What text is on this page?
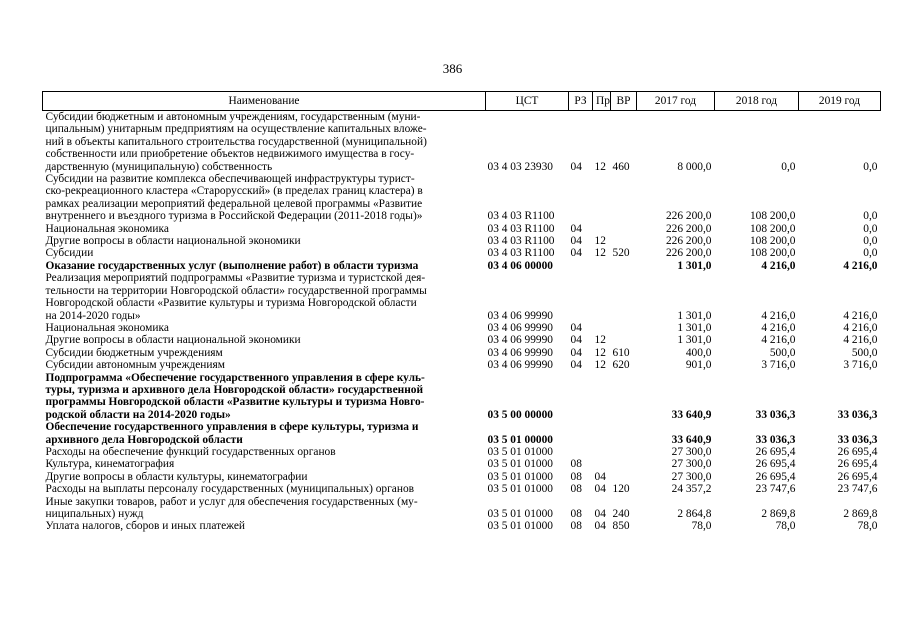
386
Наименование	ЦСТ	РЗ	Пр	ВР	2017 год	2018 год	2019 год
Субсидии бюджетным и автономным учреждениям, государственным (муни-
ципальным) унитарным предприятиям на осуществление капитальных вложе-
ний в объекты капитального строительства государственной (муниципальной)
собственности или приобретение объектов недвижимого имущества в госу-
дарственную (муниципальную) собственность	03 4 03 23930	04	12	460	8 000,0	0,0	0,0
Субсидии на развитие комплекса обеспечивающей инфраструктуры турист-
ско-рекреационного кластера «Старорусский» (в пределах границ кластера) в
рамках реализации мероприятий федеральной целевой программы «Развитие
внутреннего и въездного туризма в Российской Федерации (2011-2018 годы)»	03 4 03 R1100				226 200,0	108 200,0	0,0
Национальная экономика	03 4 03 R1100	04			226 200,0	108 200,0	0,0
Другие вопросы в области национальной экономики	03 4 03 R1100	04	12		226 200,0	108 200,0	0,0
Субсидии	03 4 03 R1100	04	12	520	226 200,0	108 200,0	0,0
Оказание государственных услуг (выполнение работ) в области туризма	03 4 06 00000				1 301,0	4 216,0	4 216,0
Реализация мероприятий подпрограммы «Развитие туризма и туристской дея-
тельности на территории Новгородской области» государственной программы
Новгородской области «Развитие культуры и туризма Новгородской области
на 2014-2020 годы»	03 4 06 99990				1 301,0	4 216,0	4 216,0
Национальная экономика	03 4 06 99990	04			1 301,0	4 216,0	4 216,0
Другие вопросы в области национальной экономики	03 4 06 99990	04	12		1 301,0	4 216,0	4 216,0
Субсидии бюджетным учреждениям	03 4 06 99990	04	12	610	400,0	500,0	500,0
Субсидии автономным учреждениям	03 4 06 99990	04	12	620	901,0	3 716,0	3 716,0
Подпрограмма «Обеспечение государственного управления в сфере куль-
туры, туризма и архивного дела Новгородской области» государственной
программы Новгородской области «Развитие культуры и туризма Новго-
родской области на 2014-2020 годы»	03 5 00 00000				33 640,9	33 036,3	33 036,3
Обеспечение государственного управления в сфере культуры, туризма и
архивного дела Новгородской области	03 5 01 00000				33 640,9	33 036,3	33 036,3
Расходы на обеспечение функций государственных органов	03 5 01 01000				27 300,0	26 695,4	26 695,4
Культура, кинематография	03 5 01 01000	08			27 300,0	26 695,4	26 695,4
Другие вопросы в области культуры, кинематографии	03 5 01 01000	08	04		27 300,0	26 695,4	26 695,4
Расходы на выплаты персоналу государственных (муниципальных) органов	03 5 01 01000	08	04	120	24 357,2	23 747,6	23 747,6
Иные закупки товаров, работ и услуг для обеспечения государственных (му-
ниципальных) нужд	03 5 01 01000	08	04	240	2 864,8	2 869,8	2 869,8
Уплата налогов, сборов и иных платежей	03 5 01 01000	08	04	850	78,0	78,0	78,0
